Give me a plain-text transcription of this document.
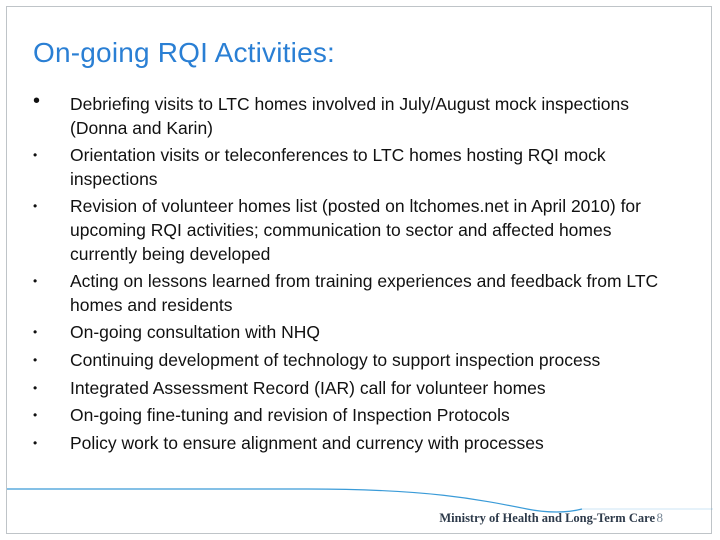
On-going RQI Activities:
• Debriefing visits to LTC homes involved in July/August mock inspections (Donna and Karin)
• Orientation visits or teleconferences to LTC homes hosting RQI mock inspections
• Revision of volunteer homes list (posted on ltchomes.net in April 2010) for upcoming RQI activities; communication to sector and affected homes currently being developed
• Acting on lessons learned from training experiences and feedback from LTC homes and residents
• On-going consultation with NHQ
• Continuing development of technology to support inspection process
• Integrated Assessment Record (IAR) call for volunteer homes
• On-going fine-tuning and revision of Inspection Protocols
• Policy work to ensure alignment and currency with processes
Ministry of Health and Long-Term Care 8
